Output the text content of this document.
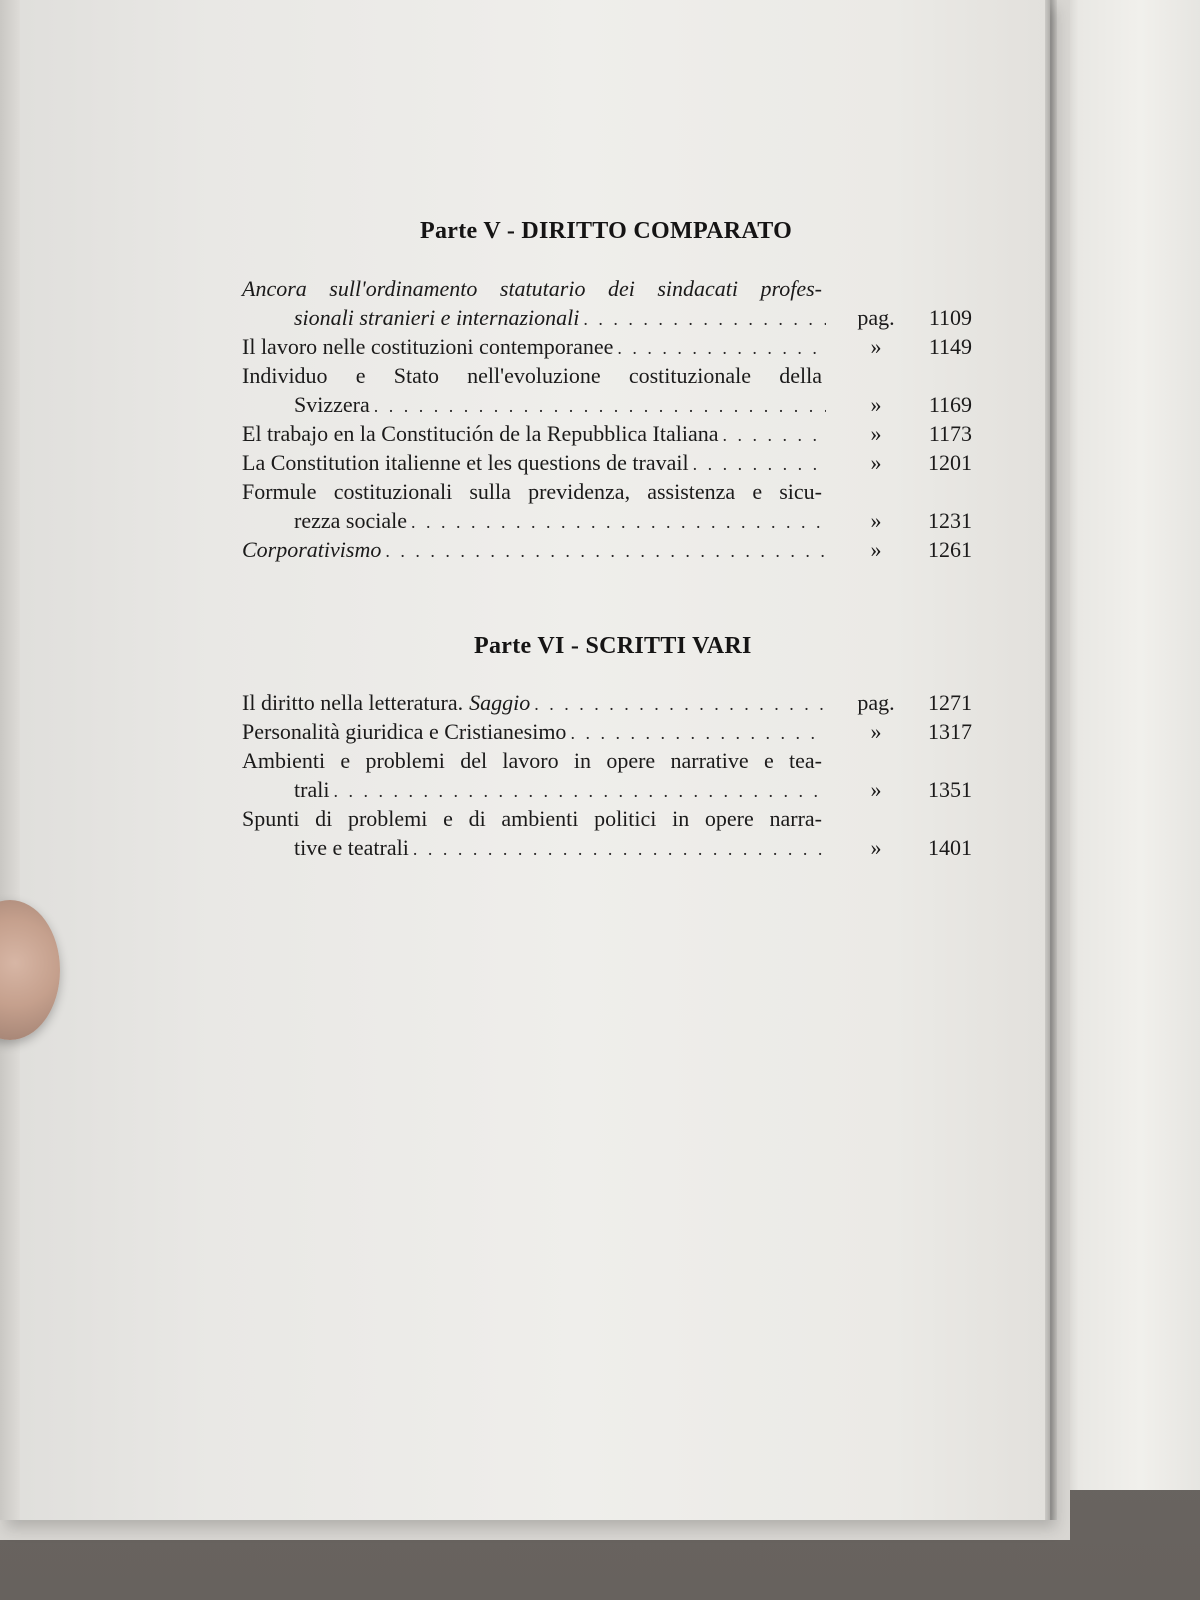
Parte V - DIRITTO COMPARATO
Ancora sull'ordinamento statutario dei sindacati profes-
sionali stranieri e internazionali . . .	pag.	1109
Il lavoro nelle costituzioni contemporanee . . .	»	1149
Individuo e Stato nell'evoluzione costituzionale della
Svizzera . . .	»	1169
El trabajo en la Constitución de la Repubblica Italiana . . .	»	1173
La Constitution italienne et les questions de travail . . .	»	1201
Formule costituzionali sulla previdenza, assistenza e sicu-
rezza sociale . . .	»	1231
Corporativismo . . .	»	1261
Parte VI - SCRITTI VARI
Il diritto nella letteratura. Saggio . . .	pag.	1271
Personalità giuridica e Cristianesimo . . .	»	1317
Ambienti e problemi del lavoro in opere narrative e tea-
trali . . .	»	1351
Spunti di problemi e di ambienti politici in opere narra-
tive e teatrali . . .	»	1401
